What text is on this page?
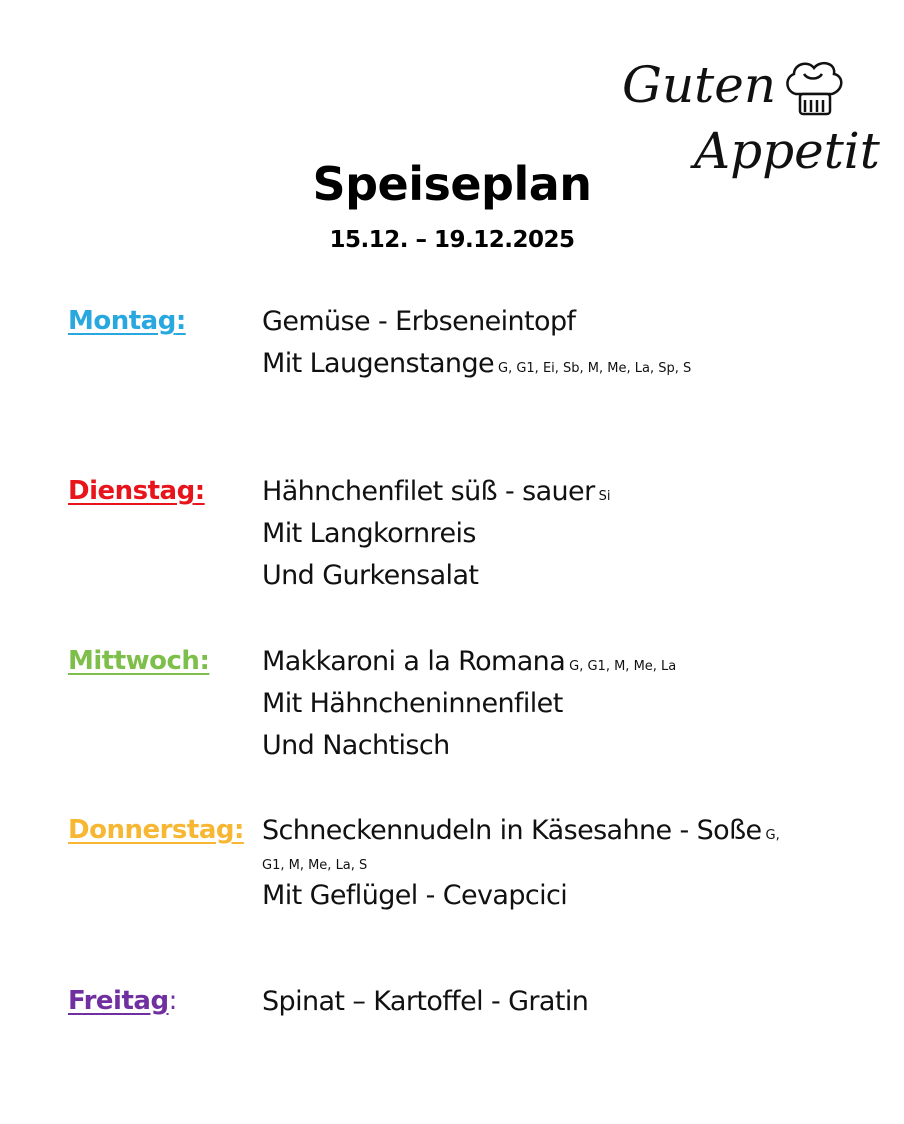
Guten
Appetit
Speiseplan
15.12. – 19.12.2025
Montag:	Gemüse - Erbseneintopf
Mit Laugenstange G, G1, Ei, Sb, M, Me, La, Sp, S
Dienstag: Hähnchenfilet süß - sauer Si
Mit Langkornreis
Und Gurkensalat
Mittwoch: Makkaroni a la Romana G, G1, M, Me, La
Mit Hähncheninnenfilet
Und Nachtisch
Donnerstag: Schneckennudeln in Käsesahne - Soße G,
G1, M, Me, La, S
Mit Geflügel - Cevapcici
Freitag:	Spinat – Kartoffel - Gratin
